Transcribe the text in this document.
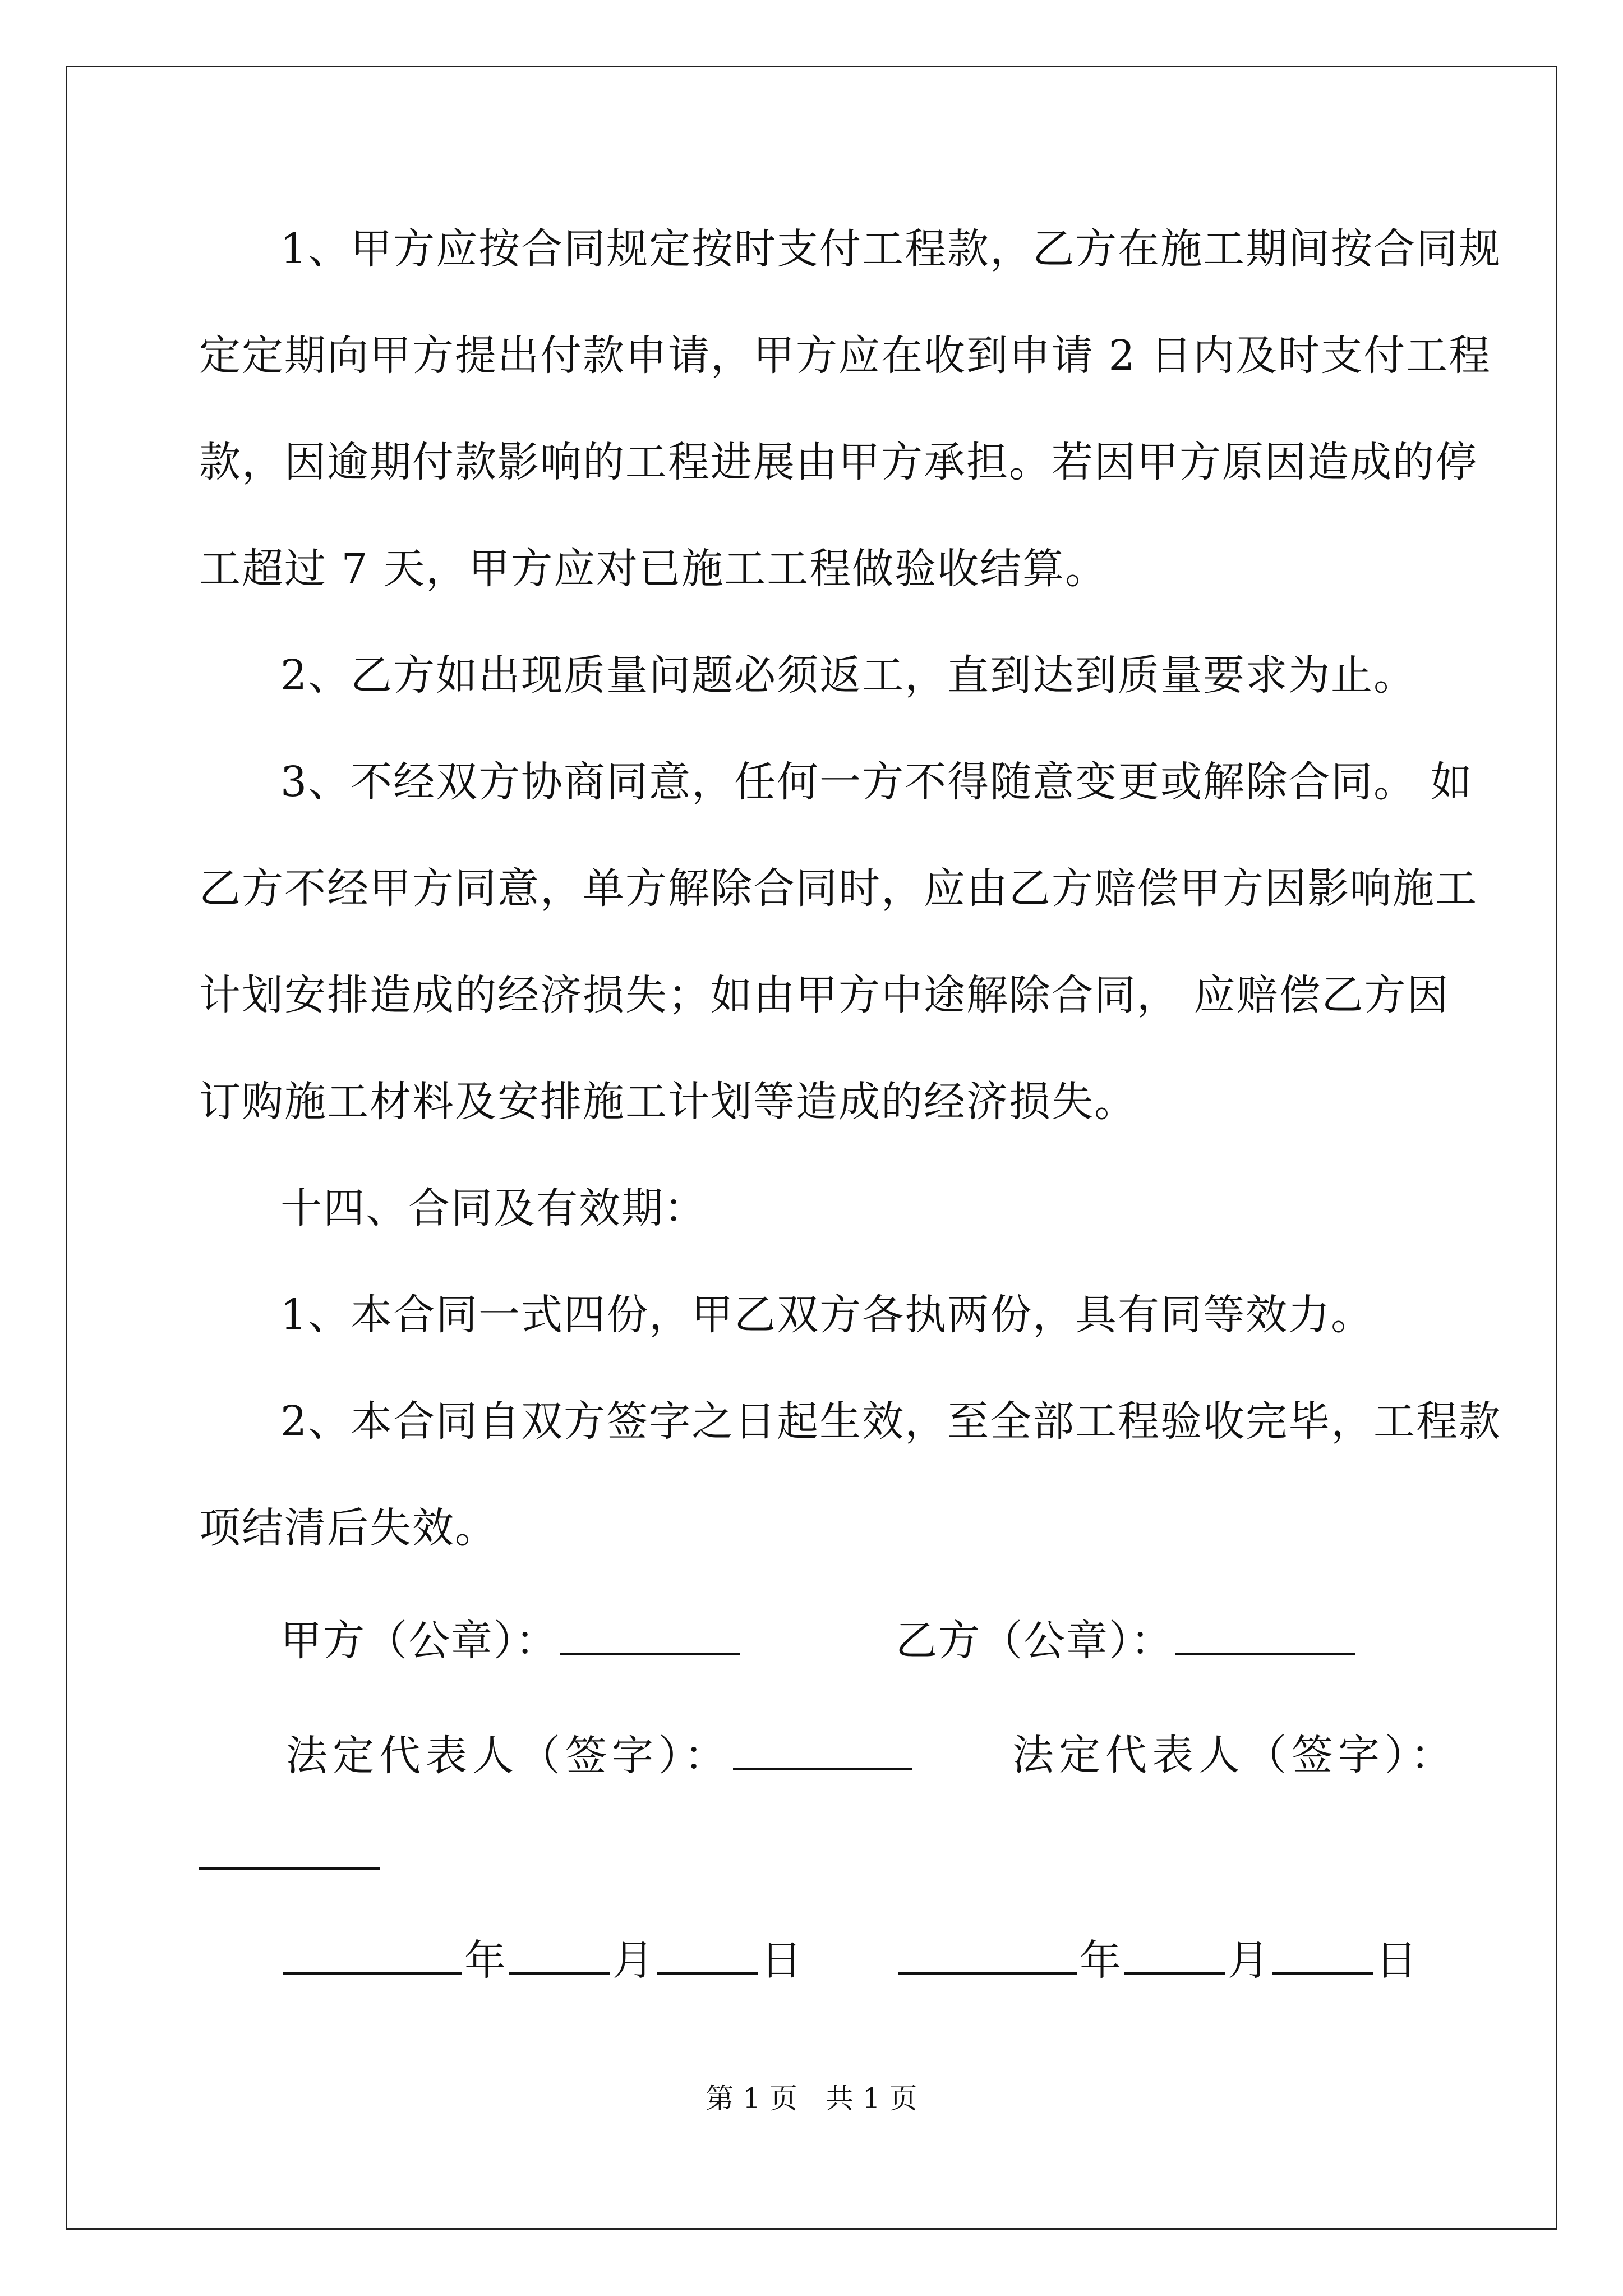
1、甲方应按合同规定按时支付工程款，乙方在施工期间按合同规
定定期向甲方提出付款申请，甲方应在收到申请 2 日内及时支付工程
款，因逾期付款影响的工程进展由甲方承担。若因甲方原因造成的停
工超过 7 天，甲方应对已施工工程做验收结算。
2、乙方如出现质量问题必须返工，直到达到质量要求为止。
3、不经双方协商同意，任何一方不得随意变更或解除合同。 如
乙方不经甲方同意，单方解除合同时，应由乙方赔偿甲方因影响施工
计划安排造成的经济损失；如由甲方中途解除合同， 应赔偿乙方因
订购施工材料及安排施工计划等造成的经济损失。
十四、合同及有效期：
1、本合同一式四份，甲乙双方各执两份，具有同等效力。
2、本合同自双方签字之日起生效，至全部工程验收完毕，工程款
项结清后失效。
甲方（公章）：	乙方（公章）：
法定代表人（签字）：	法定代表人（签字）：
年	月	日	年	月	日
第 1 页　共 1 页
